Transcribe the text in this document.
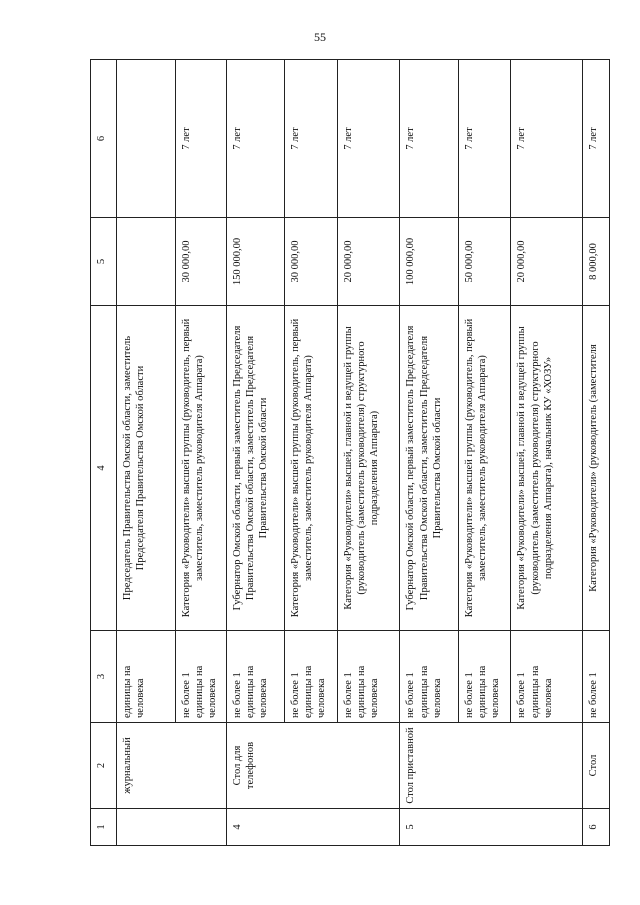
55
1	2	3	4	5	6
	журнальный	единицы на человека	Председатель Правительства Омской области, заместитель Председателя Правительства Омской области		
		не более 1 единицы на человека	Категория «Руководители» высшей группы (руководитель, первый заместитель, заместитель руководителя Аппарата)	30 000,00	7 лет
4	Стол для телефонов	не более 1 единицы на человека	Губернатор Омской области, первый заместитель Председателя Правительства Омской области, заместитель Председателя Правительства Омской области	150 000,00	7 лет
		не более 1 единицы на человека	Категория «Руководители» высшей группы (руководитель, первый заместитель, заместитель руководителя Аппарата)	30 000,00	7 лет
		не более 1 единицы на человека	Категория «Руководители» высшей, главной и ведущей группы (руководитель (заместитель руководителя) структурного подразделения Аппарата)	20 000,00	7 лет
5	Стол приставной	не более 1 единицы на человека	Губернатор Омской области, первый заместитель Председателя Правительства Омской области, заместитель Председателя Правительства Омской области	100 000,00	7 лет
		не более 1 единицы на человека	Категория «Руководители» высшей группы (руководитель, первый заместитель, заместитель руководителя Аппарата)	50 000,00	7 лет
		не более 1 единицы на человека	Категория «Руководители» высшей, главной и ведущей группы (руководитель (заместитель руководителя) структурного подразделения Аппарата), начальник КУ «ХОЗУ»	20 000,00	7 лет
6	Стол	не более 1	Категория «Руководители» (руководитель (заместителя	8 000,00	7 лет
